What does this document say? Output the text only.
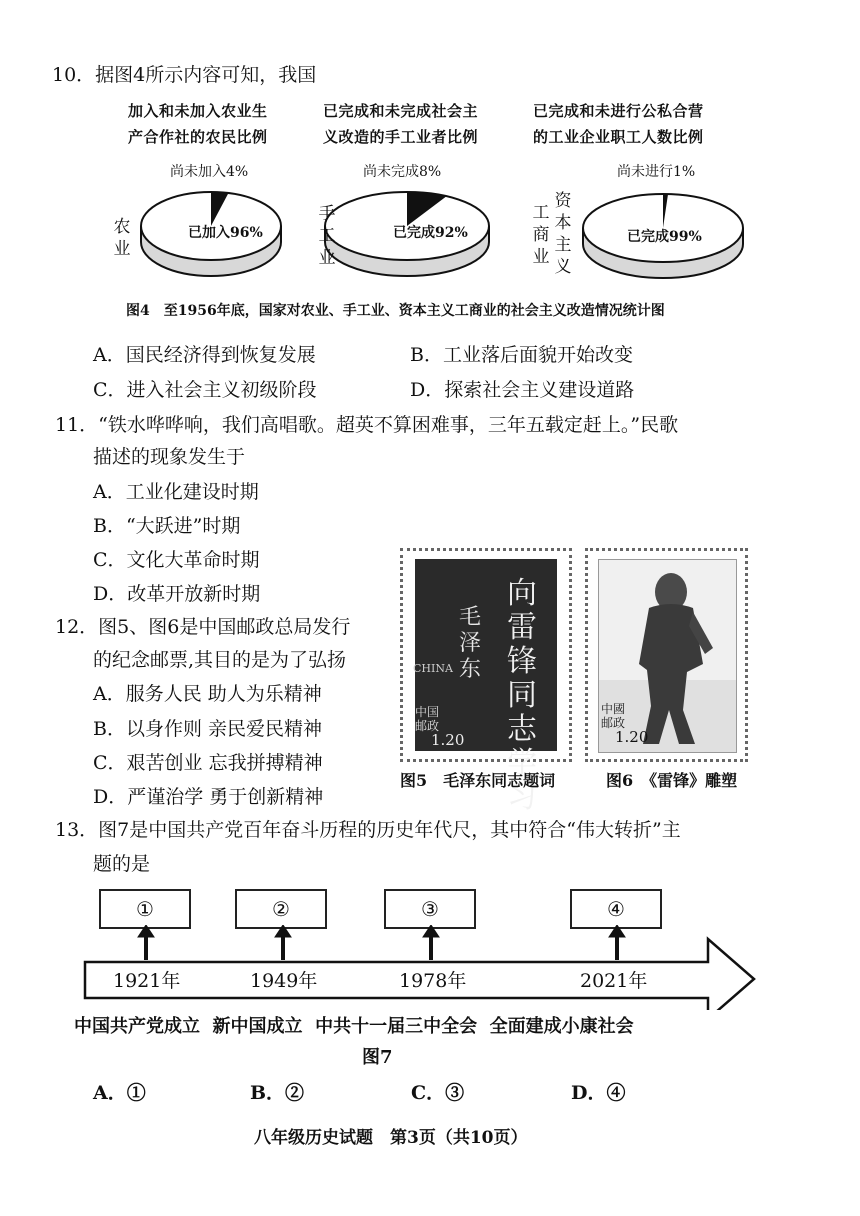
10．据图4所示内容可知，我国
加入和未加入农业生
产合作社的农民比例
已完成和未完成社会主
义改造的手工业者比例
已完成和未进行公私合营
的工业企业职工人数比例
尚未加入4%	尚未完成8%	尚未进行1%
已加入96%	已完成92%	已完成99%
农业
手工业
资本主义
工商业
图4　至1956年底，国家对农业、手工业、资本主义工商业的社会主义改造情况统计图
A．国民经济得到恢复发展	B．工业落后面貌开始改变
C．进入社会主义初级阶段	D．探索社会主义建设道路
11．“铁水哗哗响，我们高唱歌。超英不算困难事，三年五载定赶上。”民歌
描述的现象发生于
A．工业化建设时期
B．“大跃进”时期
C．文化大革命时期
D．改革开放新时期
12．图5、图6是中国邮政总局发行
的纪念邮票,其目的是为了弘扬
A．服务人民 助人为乐精神
B．以身作则 亲民爱民精神
C．艰苦创业 忘我拼搏精神
D．严谨治学 勇于创新精神
向雷锋同志学习
毛泽东
CHINA
中国
邮政
1.20
中國
邮政
1.20
图5　毛泽东同志题词	图6　《雷锋》雕塑
13．图7是中国共产党百年奋斗历程的历史年代尺，其中符合“伟大转折”主
题的是
①	②	③	④
1921年	1949年	1978年	2021年
中国共产党成立  新中国成立  中共十一届三中全会  全面建成小康社会
图7
A．①	B．②	C．③	D．④
八年级历史试题　第3页（共10页）
